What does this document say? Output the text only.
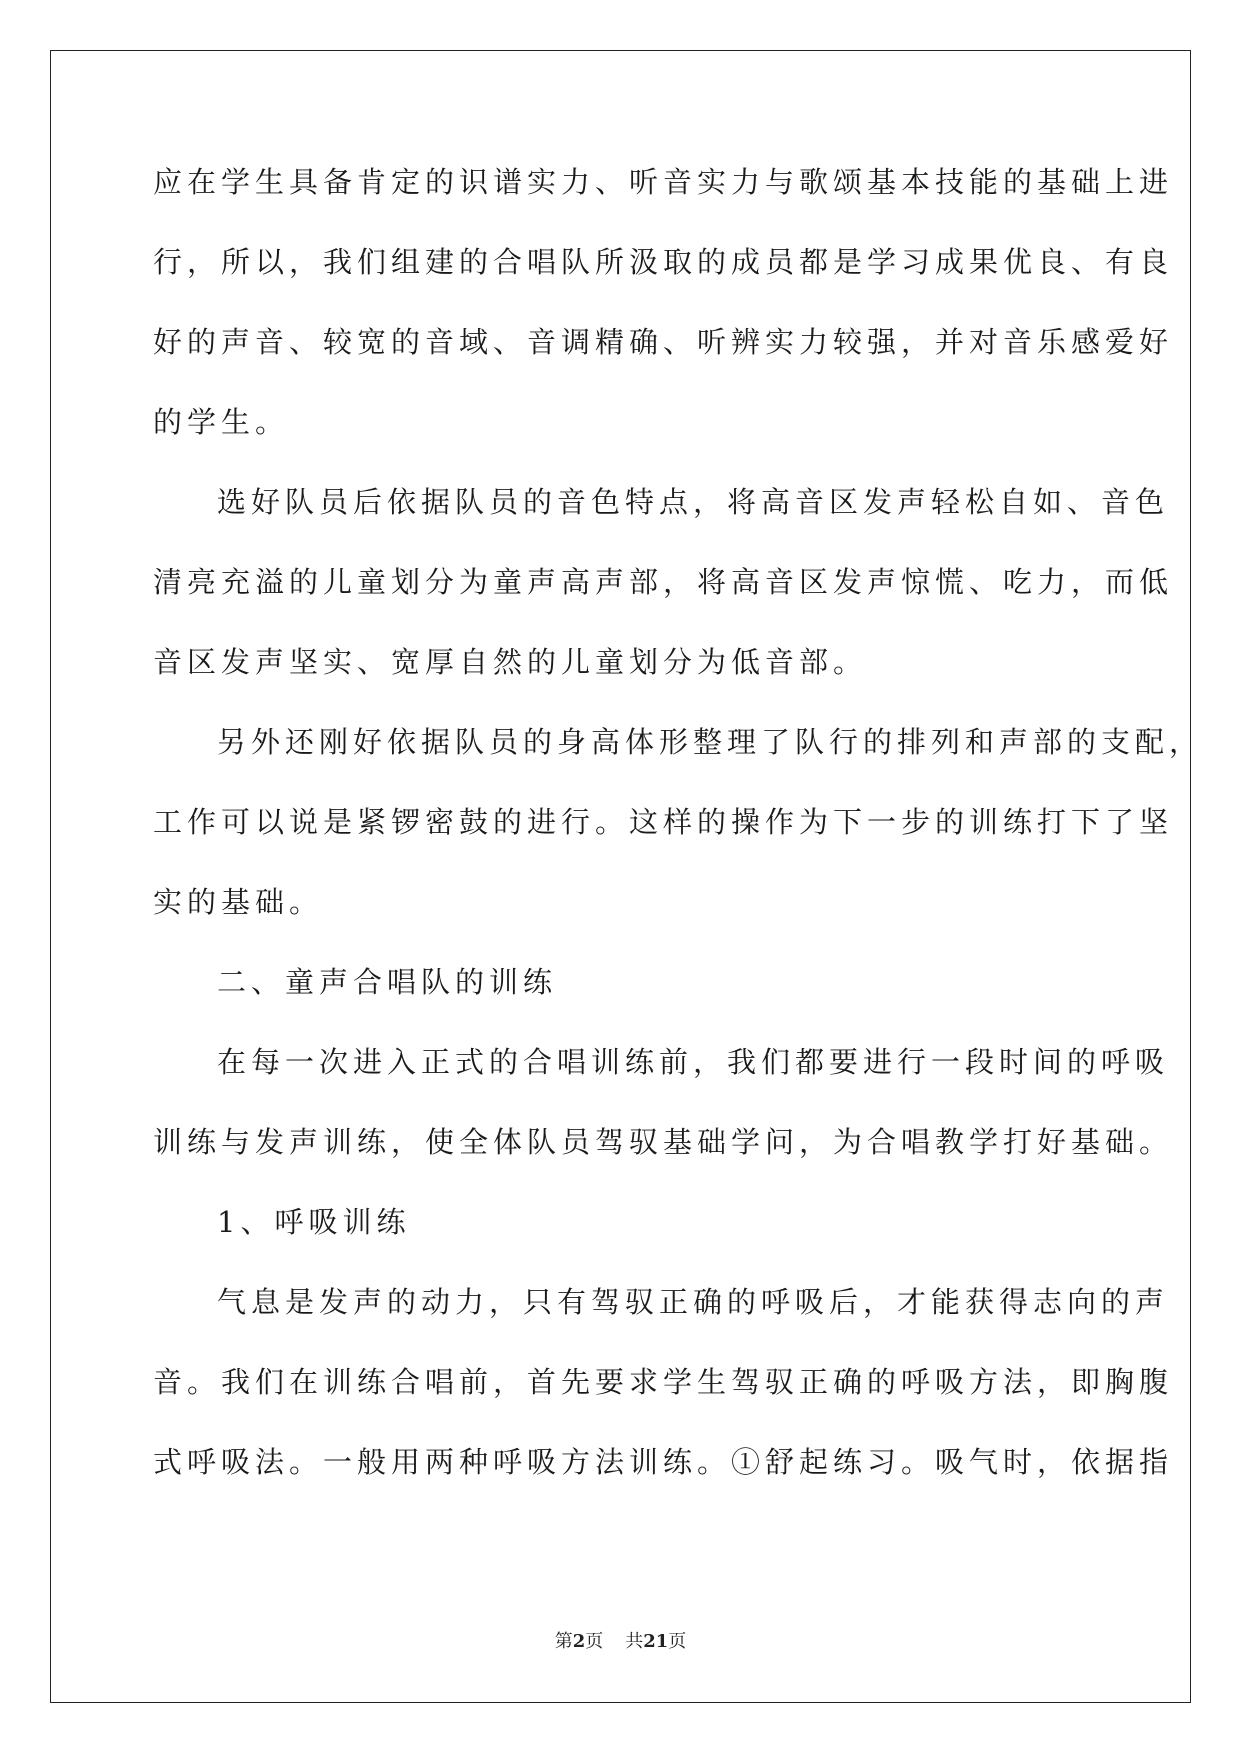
应在学生具备肯定的识谱实力、听音实力与歌颂基本技能的基础上进
行，所以，我们组建的合唱队所汲取的成员都是学习成果优良、有良
好的声音、较宽的音域、音调精确、听辨实力较强，并对音乐感爱好
的学生。
选好队员后依据队员的音色特点，将高音区发声轻松自如、音色
清亮充溢的儿童划分为童声高声部，将高音区发声惊慌、吃力，而低
音区发声坚实、宽厚自然的儿童划分为低音部。
另外还刚好依据队员的身高体形整理了队行的排列和声部的支配，
工作可以说是紧锣密鼓的进行。这样的操作为下一步的训练打下了坚
实的基础。
二、童声合唱队的训练
在每一次进入正式的合唱训练前，我们都要进行一段时间的呼吸
训练与发声训练，使全体队员驾驭基础学问，为合唱教学打好基础。
1、呼吸训练
气息是发声的动力，只有驾驭正确的呼吸后，才能获得志向的声
音。我们在训练合唱前，首先要求学生驾驭正确的呼吸方法，即胸腹
式呼吸法。一般用两种呼吸方法训练。①舒起练习。吸气时，依据指
第2页 共21页
